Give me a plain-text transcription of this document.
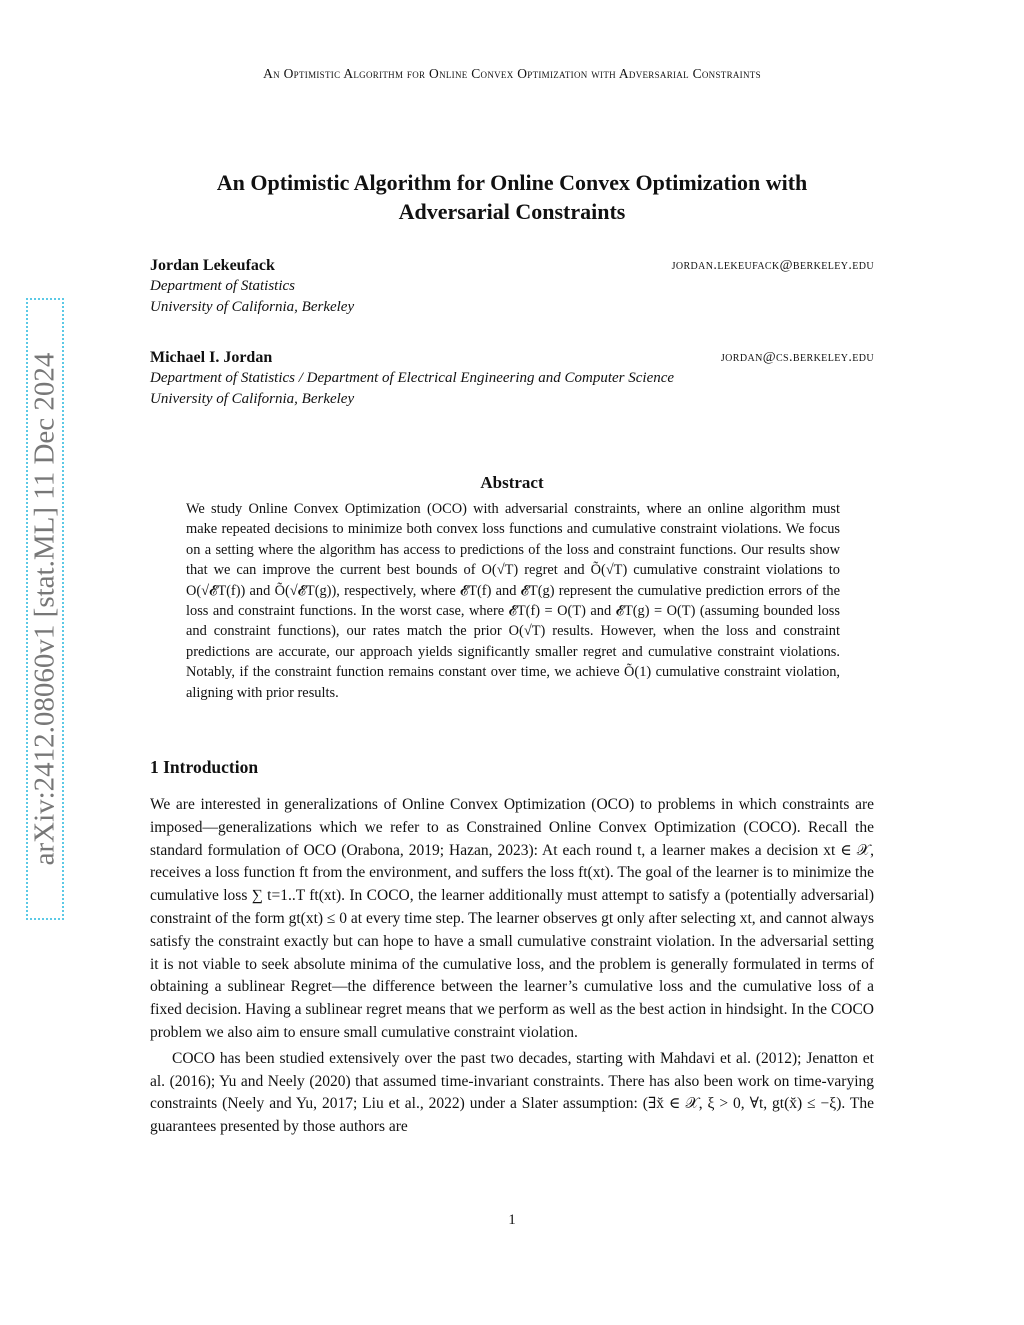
An Optimistic Algorithm for Online Convex Optimization with Adversarial Constraints
arXiv:2412.08060v1 [stat.ML] 11 Dec 2024
An Optimistic Algorithm for Online Convex Optimization with
Adversarial Constraints
Jordan Lekeufack	jordan.lekeufack@berkeley.edu
Department of Statistics
University of California, Berkeley
Michael I. Jordan	jordan@cs.berkeley.edu
Department of Statistics / Department of Electrical Engineering and Computer Science
University of California, Berkeley
Abstract
We study Online Convex Optimization (OCO) with adversarial constraints, where an online algorithm must make repeated decisions to minimize both convex loss functions and cumulative constraint violations. We focus on a setting where the algorithm has access to predictions of the loss and constraint functions. Our results show that we can improve the current best bounds of O(√T) regret and Õ(√T) cumulative constraint violations to O(√𝓔T(f)) and Õ(√𝓔T(g)), respectively, where 𝓔T(f) and 𝓔T(g) represent the cumulative prediction errors of the loss and constraint functions. In the worst case, where 𝓔T(f) = O(T) and 𝓔T(g) = O(T) (assuming bounded loss and constraint functions), our rates match the prior O(√T) results. However, when the loss and constraint predictions are accurate, our approach yields significantly smaller regret and cumulative constraint violations. Notably, if the constraint function remains constant over time, we achieve Õ(1) cumulative constraint violation, aligning with prior results.
1 Introduction

We are interested in generalizations of Online Convex Optimization (OCO) to problems in which constraints are imposed—generalizations which we refer to as Constrained Online Convex Optimization (COCO). Recall the standard formulation of OCO (Orabona, 2019; Hazan, 2023): At each round t, a learner makes a decision xt ∈ 𝒳, receives a loss function ft from the environment, and suffers the loss ft(xt). The goal of the learner is to minimize the cumulative loss ∑ t=1..T ft(xt). In COCO, the learner additionally must attempt to satisfy a (potentially adversarial) constraint of the form gt(xt) ≤ 0 at every time step. The learner observes gt only after selecting xt, and cannot always satisfy the constraint exactly but can hope to have a small cumulative constraint violation. In the adversarial setting it is not viable to seek absolute minima of the cumulative loss, and the problem is generally formulated in terms of obtaining a sublinear Regret—the difference between the learner’s cumulative loss and the cumulative loss of a fixed decision. Having a sublinear regret means that we perform as well as the best action in hindsight. In the COCO problem we also aim to ensure small cumulative constraint violation.

COCO has been studied extensively over the past two decades, starting with Mahdavi et al. (2012); Jenatton et al. (2016); Yu and Neely (2020) that assumed time-invariant constraints. There has also been work on time-varying constraints (Neely and Yu, 2017; Liu et al., 2022) under a Slater assumption: (∃x̆ ∈ 𝒳, ξ > 0, ∀t, gt(x̆) ≤ −ξ). The guarantees presented by those authors are

1
